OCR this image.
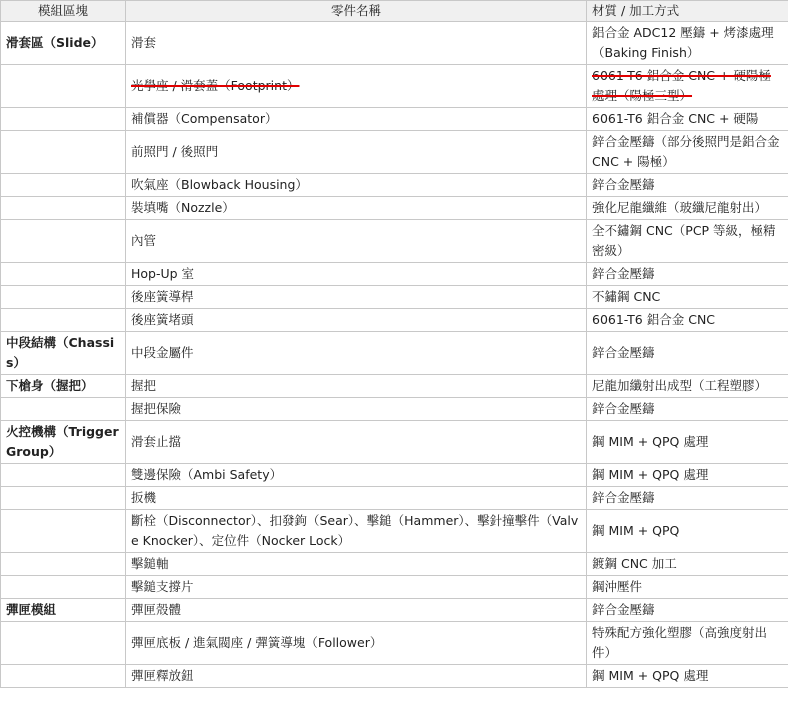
模組區塊	零件名稱	材質 / 加工方式
滑套區（Slide）	滑套	鋁合金 ADC12 壓鑄 + 烤漆處理（Baking Finish）
	光學座 / 滑套蓋（Footprint）	6061-T6 鋁合金 CNC + 硬陽極處理（陽極三型）
	補償器（Compensator）	6061-T6 鋁合金 CNC + 硬陽
	前照門 / 後照門	鋅合金壓鑄（部分後照門是鋁合金 CNC + 陽極）
	吹氣座（Blowback Housing）	鋅合金壓鑄
	裝填嘴（Nozzle）	強化尼龍纖維（玻纖尼龍射出）
	內管	全不鏽鋼 CNC（PCP 等級，極精密級）
	Hop-Up 室	鋅合金壓鑄
	後座簧導桿	不鏽鋼 CNC
	後座簧堵頭	6061-T6 鋁合金 CNC
中段結構（Chassis）	中段金屬件	鋅合金壓鑄
下槍身（握把）	握把	尼龍加纖射出成型（工程塑膠）
	握把保險	鋅合金壓鑄
火控機構（Trigger Group）	滑套止擋	鋼 MIM + QPQ 處理
	雙邊保險（Ambi Safety）	鋼 MIM + QPQ 處理
	扳機	鋅合金壓鑄
	斷栓（Disconnector）、扣發鉤（Sear）、擊鎚（Hammer）、擊針撞擊件（Valve Knocker）、定位件（Nocker Lock）	鋼 MIM + QPQ
	擊鎚軸	鍍鋼 CNC 加工
	擊鎚支撐片	鋼沖壓件
彈匣模組	彈匣殼體	鋅合金壓鑄
	彈匣底板 / 進氣閥座 / 彈簧導塊（Follower）	特殊配方強化塑膠（高強度射出件）
	彈匣釋放鈕	鋼 MIM + QPQ 處理
